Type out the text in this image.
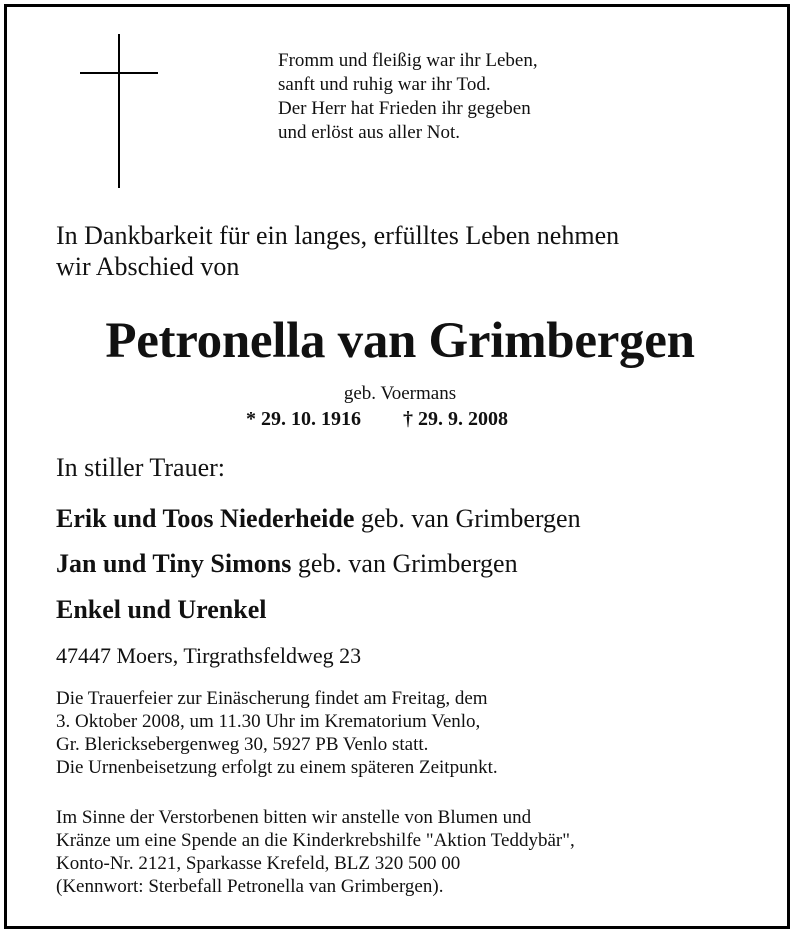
Fromm und fleißig war ihr Leben,
sanft und ruhig war ihr Tod.
Der Herr hat Frieden ihr gegeben
und erlöst aus aller Not.
In Dankbarkeit für ein langes, erfülltes Leben nehmen
wir Abschied von
Petronella van Grimbergen
geb. Voermans
* 29. 10. 1916 † 29. 9. 2008
In stiller Trauer:
Erik und Toos Niederheide geb. van Grimbergen
Jan und Tiny Simons geb. van Grimbergen
Enkel und Urenkel
47447 Moers, Tirgrathsfeldweg 23
Die Trauerfeier zur Einäscherung findet am Freitag, dem
3. Oktober 2008, um 11.30 Uhr im Krematorium Venlo,
Gr. Blericksebergenweg 30, 5927 PB Venlo statt.
Die Urnenbeisetzung erfolgt zu einem späteren Zeitpunkt.
Im Sinne der Verstorbenen bitten wir anstelle von Blumen und
Kränze um eine Spende an die Kinderkrebshilfe "Aktion Teddybär",
Konto-Nr. 2121, Sparkasse Krefeld, BLZ 320 500 00
(Kennwort: Sterbefall Petronella van Grimbergen).
